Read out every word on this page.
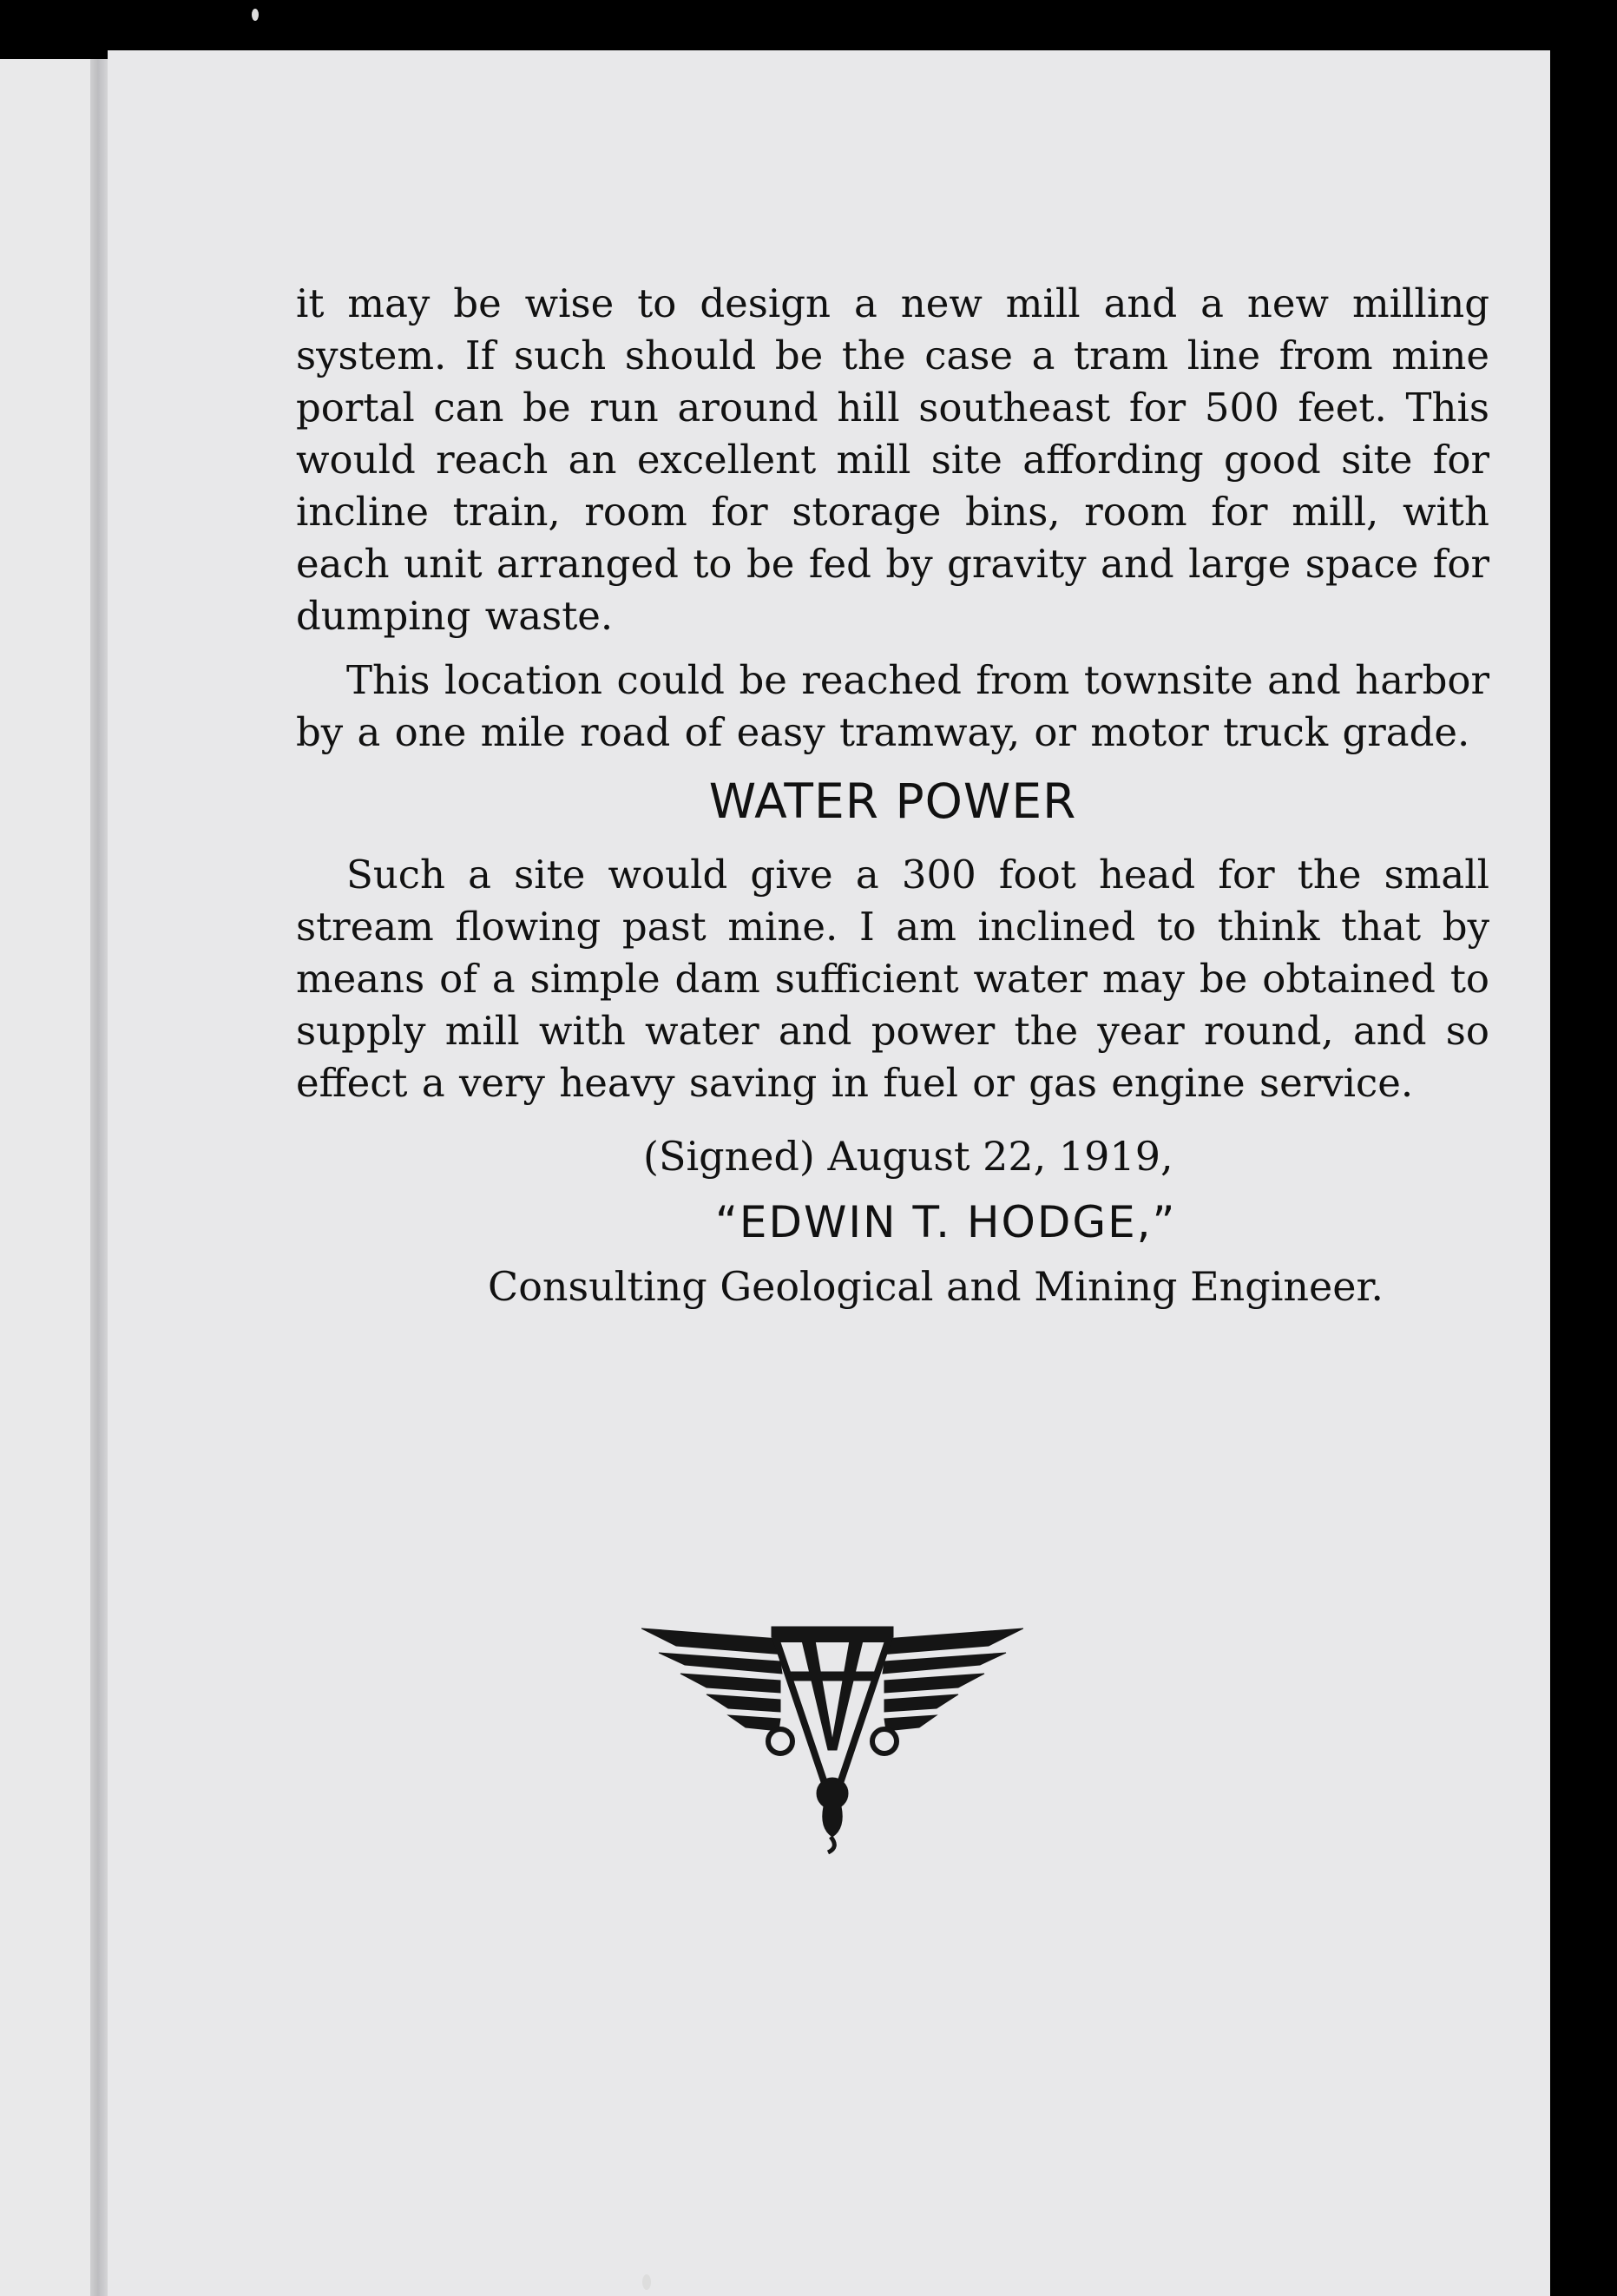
it may be wise to design a new mill and a new milling system. If such should be the case a tram line from mine portal can be run around hill southeast for 500 feet. This would reach an excellent mill site affording good site for incline train, room for storage bins, room for mill, with each unit arranged to be fed by gravity and large space for dumping waste.

This location could be reached from townsite and harbor by a one mile road of easy tramway, or motor truck grade.

WATER POWER

Such a site would give a 300 foot head for the small stream flowing past mine. I am inclined to think that by means of a simple dam sufficient water may be obtained to supply mill with water and power the year round, and so effect a very heavy saving in fuel or gas engine service.

(Signed) August 22, 1919,

“EDWIN T. HODGE,”

Consulting Geological and Mining Engineer.
